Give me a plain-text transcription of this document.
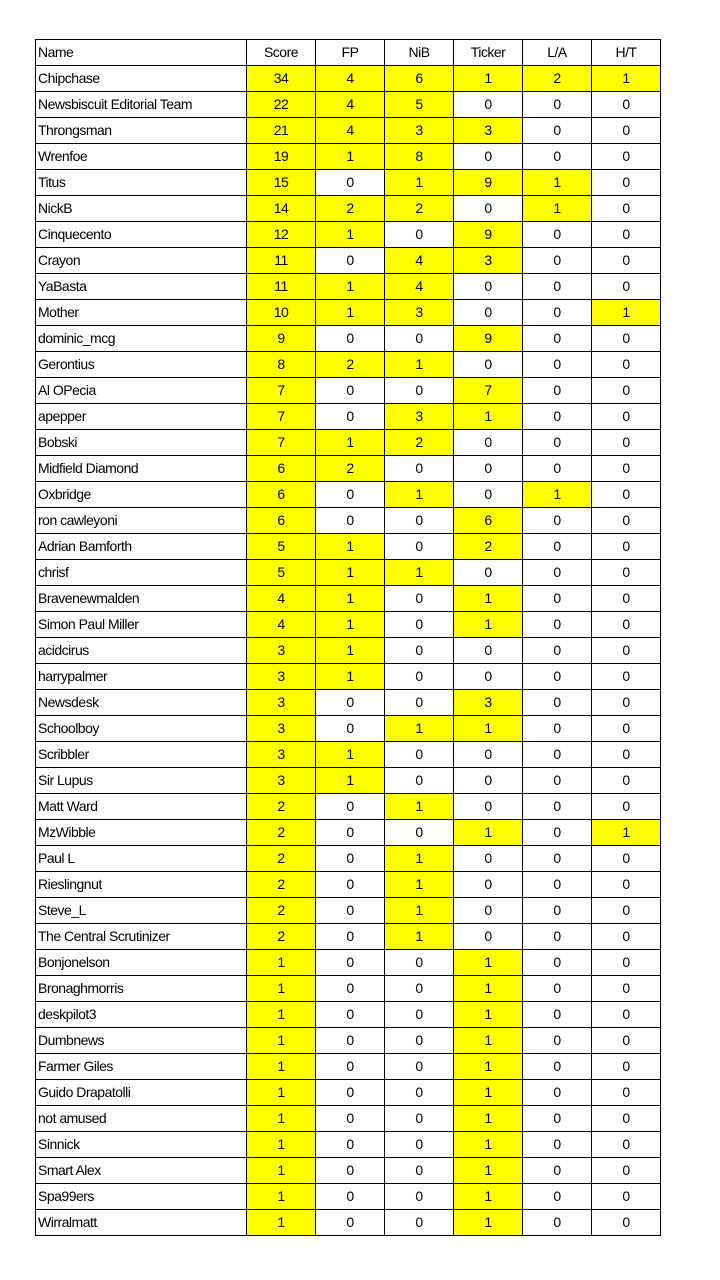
Name	Score	FP	NiB	Ticker	L/A	H/T
Chipchase	34	4	6	1	2	1
Newsbiscuit Editorial Team	22	4	5	0	0	0
Throngsman	21	4	3	3	0	0
Wrenfoe	19	1	8	0	0	0
Titus	15	0	1	9	1	0
NickB	14	2	2	0	1	0
Cinquecento	12	1	0	9	0	0
Crayon	11	0	4	3	0	0
YaBasta	11	1	4	0	0	0
Mother	10	1	3	0	0	1
dominic_mcg	9	0	0	9	0	0
Gerontius	8	2	1	0	0	0
Al OPecia	7	0	0	7	0	0
apepper	7	0	3	1	0	0
Bobski	7	1	2	0	0	0
Midfield Diamond	6	2	0	0	0	0
Oxbridge	6	0	1	0	1	0
ron cawleyoni	6	0	0	6	0	0
Adrian Bamforth	5	1	0	2	0	0
chrisf	5	1	1	0	0	0
Bravenewmalden	4	1	0	1	0	0
Simon Paul Miller	4	1	0	1	0	0
acidcirus	3	1	0	0	0	0
harrypalmer	3	1	0	0	0	0
Newsdesk	3	0	0	3	0	0
Schoolboy	3	0	1	1	0	0
Scribbler	3	1	0	0	0	0
Sir Lupus	3	1	0	0	0	0
Matt Ward	2	0	1	0	0	0
MzWibble	2	0	0	1	0	1
Paul L	2	0	1	0	0	0
Rieslingnut	2	0	1	0	0	0
Steve_L	2	0	1	0	0	0
The Central Scrutinizer	2	0	1	0	0	0
Bonjonelson	1	0	0	1	0	0
Bronaghmorris	1	0	0	1	0	0
deskpilot3	1	0	0	1	0	0
Dumbnews	1	0	0	1	0	0
Farmer Giles	1	0	0	1	0	0
Guido Drapatolli	1	0	0	1	0	0
not amused	1	0	0	1	0	0
Sinnick	1	0	0	1	0	0
Smart Alex	1	0	0	1	0	0
Spa99ers	1	0	0	1	0	0
Wirralmatt	1	0	0	1	0	0
